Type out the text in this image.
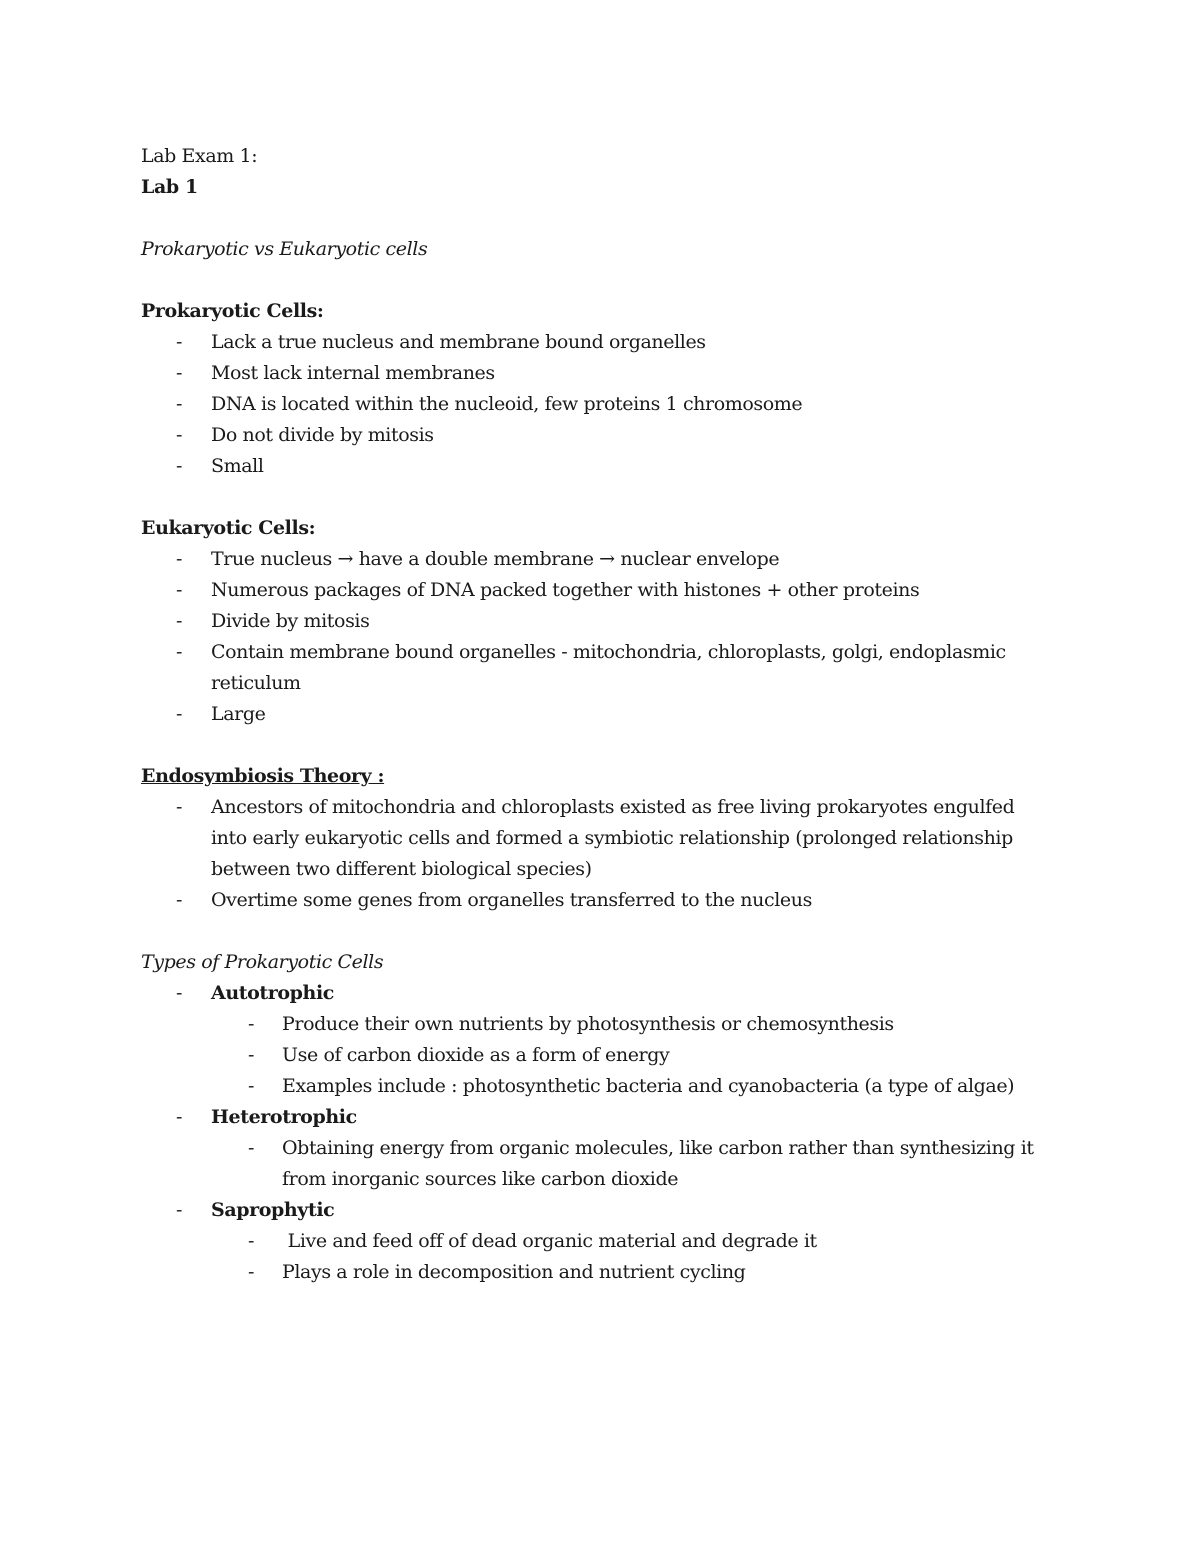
Lab Exam 1:

Lab 1

Prokaryotic vs Eukaryotic cells

Prokaryotic Cells:

- Lack a true nucleus and membrane bound organelles
- Most lack internal membranes
- DNA is located within the nucleoid, few proteins 1 chromosome
- Do not divide by mitosis
- Small

Eukaryotic Cells:

- True nucleus → have a double membrane → nuclear envelope
- Numerous packages of DNA packed together with histones + other proteins
- Divide by mitosis
- Contain membrane bound organelles - mitochondria, chloroplasts, golgi, endoplasmic
reticulum
- Large

Endosymbiosis Theory :

- Ancestors of mitochondria and chloroplasts existed as free living prokaryotes engulfed
into early eukaryotic cells and formed a symbiotic relationship (prolonged relationship
between two different biological species)
- Overtime some genes from organelles transferred to the nucleus

Types of Prokaryotic Cells

- Autotrophic
- Produce their own nutrients by photosynthesis or chemosynthesis
- Use of carbon dioxide as a form of energy
- Examples include : photosynthetic bacteria and cyanobacteria (a type of algae)
- Heterotrophic
- Obtaining energy from organic molecules, like carbon rather than synthesizing it
from inorganic sources like carbon dioxide
- Saprophytic
- Live and feed off of dead organic material and degrade it
- Plays a role in decomposition and nutrient cycling
